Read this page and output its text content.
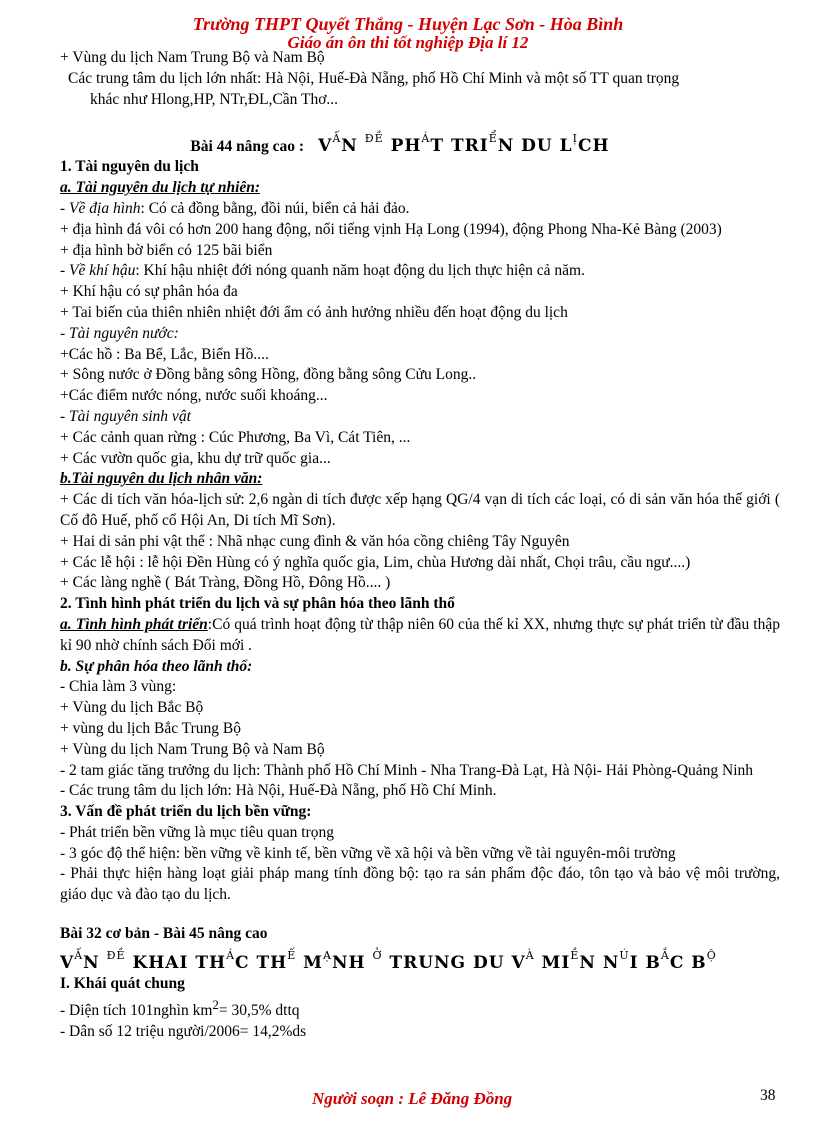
Trường THPT Quyết Thắng - Huyện Lạc Sơn - Hòa Bình
Giáo án ôn thi tốt nghiệp Địa lí 12
+ Vùng du lịch Nam Trung Bộ và Nam Bộ
Các trung tâm du lịch lớn nhất: Hà Nội, Huế-Đà Nẵng, phố Hồ Chí Minh và một số TT quan trọng
khác như Hlong,HP, NTr,ĐL,Cần Thơ...
Bài 44 nâng cao : $V^ẤN$ $^{ĐỀ}$ $PH^ÁT$ $TRI^ỂN$ DU $L^ỊCH$
1. Tài nguyên du lịch
a. Tài nguyên du lịch tự nhiên:
- Về địa hình: Có cả đồng bằng, đồi núi, biển cả hải đảo.
+ địa hình đá vôi có hơn 200 hang động, nổi tiếng vịnh Hạ Long (1994), động Phong Nha-Kẻ Bàng (2003)
+ địa hình bờ biển có 125 bãi biển
- Về khí hậu: Khí hậu nhiệt đới nóng quanh năm hoạt động du lịch thực hiện cả năm.
+ Khí hậu có sự phân hóa đa
+ Tai biến của thiên nhiên nhiệt đới ẩm có ảnh hưởng nhiều đến hoạt động du lịch
- Tài nguyên nước:
+Các hồ : Ba Bể, Lắc, Biển Hồ....
+ Sông nước ở Đồng bằng sông Hồng, đồng bằng sông Cửu Long..
+Các điểm nước nóng, nước suối khoáng...
- Tài nguyên sinh vật
+ Các cảnh quan rừng : Cúc Phương, Ba Vì, Cát Tiên, ...
+ Các vườn quốc gia, khu dự trữ quốc gia...
b.Tài nguyên du lịch nhân văn:
+ Các di tích văn hóa-lịch sử: 2,6 ngàn di tích được xếp hạng QG/4 vạn di tích các loại, có di sản văn hóa thế giới ( Cố đô Huế, phố cổ Hội An, Di tích Mĩ Sơn).
+ Hai di sản phi vật thể : Nhã nhạc cung đình & văn hóa cồng chiêng Tây Nguyên
+ Các lễ hội : lễ hội Đền Hùng có ý nghĩa quốc gia, Lim, chùa Hương dài nhất, Chọi trâu, cầu ngư....)
+ Các làng nghề ( Bát Tràng, Đồng Hồ, Đông Hồ.... )
2. Tình hình phát triển du lịch và sự phân hóa theo lãnh thổ
a. Tình hình phát triển:Có quá trình hoạt động từ thập niên 60 của thế kỉ XX, nhưng thực sự phát triển từ đầu thập kỉ 90 nhờ chính sách Đổi mới .
b. Sự phân hóa theo lãnh thổ:
- Chia làm 3 vùng:
+ Vùng du lịch Bắc Bộ
+ vùng du lịch Bắc Trung Bộ
+ Vùng du lịch Nam Trung Bộ và Nam Bộ
- 2 tam giác tăng trưởng du lịch: Thành phố Hồ Chí Minh - Nha Trang-Đà Lạt, Hà Nội- Hải Phòng-Quảng Ninh
- Các trung tâm du lịch lớn: Hà Nội, Huế-Đà Nẵng, phố Hồ Chí Minh.
3. Vấn đề phát triển du lịch bền vững:
- Phát triển bền vững là mục tiêu quan trọng
- 3 góc độ thể hiện: bền vững về kinh tế, bền vững về xã hội và bền vững về tài nguyên-môi trường
- Phải thực hiện hàng loạt giải pháp mang tính đồng bộ: tạo ra sản phẩm độc đáo, tôn tạo và bảo vệ môi trường, giáo dục và đào tạo du lịch.
Bài 32 cơ bản - Bài 45 nâng cao
$V^ẤN$ $^{ĐỀ}$ KHAI $TH^ÁC$ $TH^Ế$ $M^ẠNH$ $^Ở$ TRUNG DU $V^À$ $MI^ỀN$ $N^ÚI$ $B^ẮC$ $B^Ộ$
I. Khái quát chung
- Diện tích 101nghìn $km^2= 30,5\%$ dttq
- Dân số 12 triệu người/2006= 14,2%ds
Người soạn : Lê Đăng Đồng	38
